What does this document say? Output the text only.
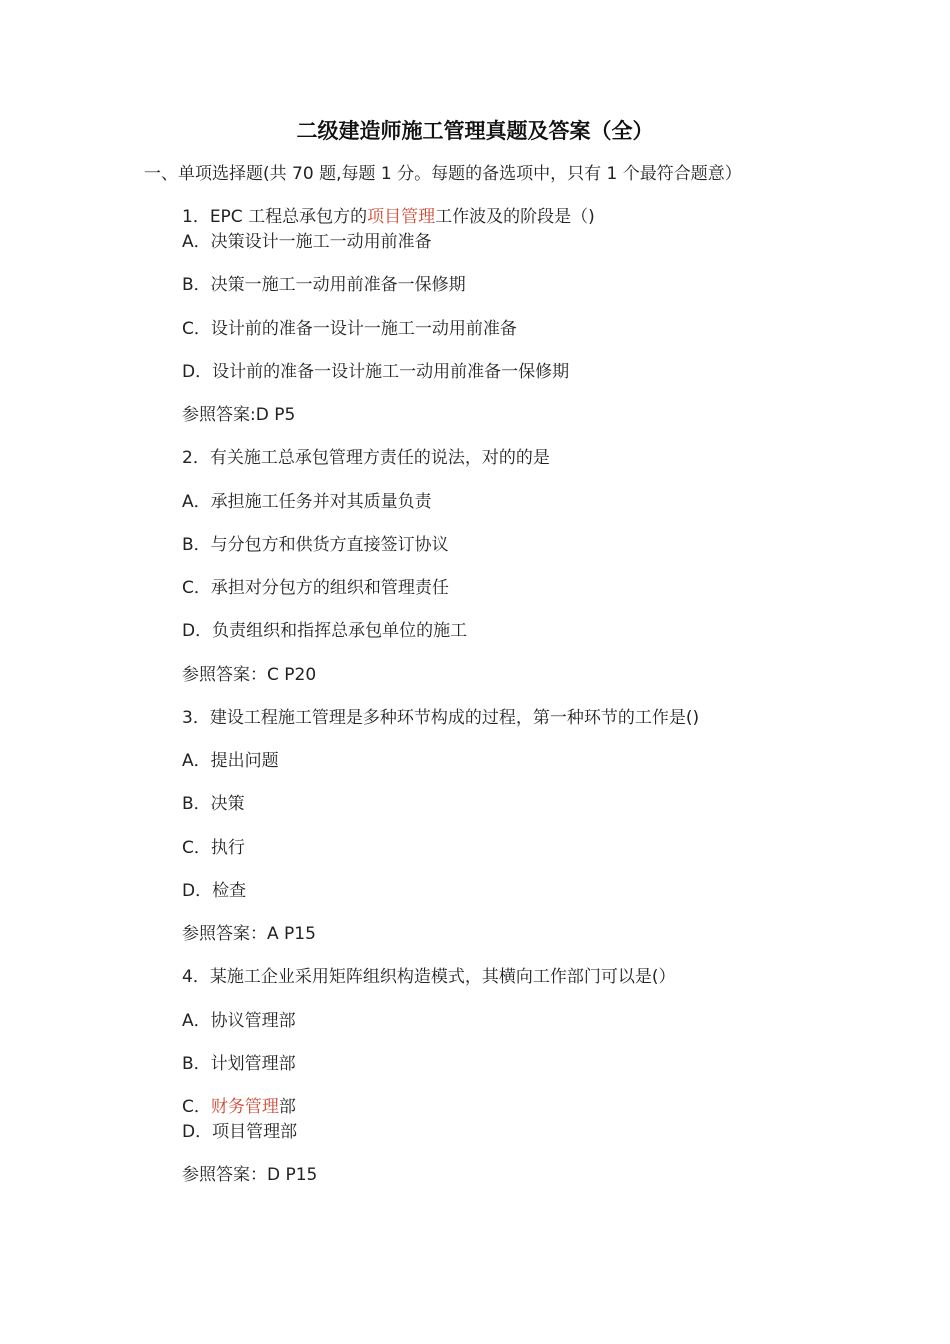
二级建造师施工管理真题及答案（全）
一、单项选择题(共 70 题,每题 1 分。每题的备选项中，只有 1 个最符合题意）
1．EPC 工程总承包方的项目管理工作波及的阶段是（)
A．决策设计一施工一动用前准备
B．决策一施工一动用前准备一保修期
C．设计前的准备一设计一施工一动用前准备
D．设计前的准备一设计施工一动用前准备一保修期
参照答案:D P5
2．有关施工总承包管理方责任的说法，对的的是
A．承担施工任务并对其质量负责
B．与分包方和供货方直接签订协议
C．承担对分包方的组织和管理责任
D．负责组织和指挥总承包单位的施工
参照答案：C P20
3．建设工程施工管理是多种环节构成的过程，第一种环节的工作是()
A．提出问题
B．决策
C．执行
D．检查
参照答案：A P15
4．某施工企业采用矩阵组织构造模式，其横向工作部门可以是(）
A．协议管理部
B．计划管理部
C．财务管理部
D．项目管理部
参照答案：D P15
